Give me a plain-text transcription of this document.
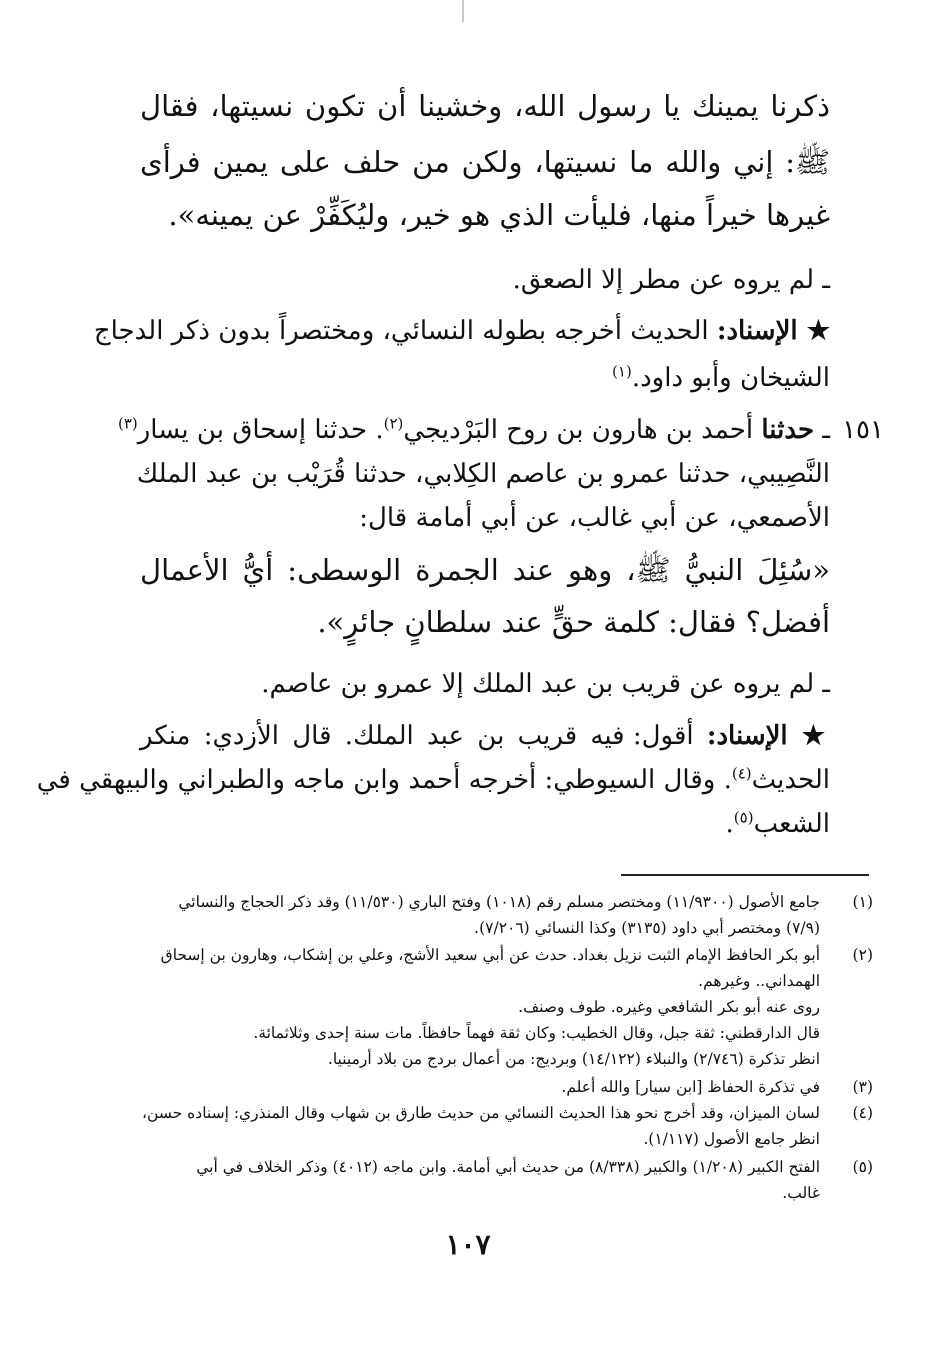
ذكرنا يمينك يا رسول الله، وخشينا أن تكون نسيتها، فقال
ﷺ: إني والله ما نسيتها، ولكن من حلف على يمين فرأى
غيرها خيراً منها، فليأت الذي هو خير، وليُكَفِّرْ عن يمينه».
ـ لم يروه عن مطر إلا الصعق.
★ الإسناد: الحديث أخرجه بطوله النسائي، ومختصراً بدون ذكر الدجاج
الشيخان وأبو داود.$^{(١)}$
١٥١
ـ حدثنا أحمد بن هارون بن روح البَرْديجي$^{(٢)}$. حدثنا إسحاق بن يسار$^{(٣)}$
النَّصِيبي، حدثنا عمرو بن عاصم الكِلابي، حدثنا قُرَيْب بن عبد الملك
الأصمعي، عن أبي غالب، عن أبي أمامة قال:
«سُئِلَ النبيُّ ﷺ، وهو عند الجمرة الوسطى: أيُّ الأعمال
أفضل؟ فقال: كلمة حقٍّ عند سلطانٍ جائرٍ».
ـ لم يروه عن قريب بن عبد الملك إلا عمرو بن عاصم.
★ الإسناد: أقول: فيه قريب بن عبد الملك. قال الأزدي: منكر
الحديث$^{(٤)}$. وقال السيوطي: أخرجه أحمد وابن ماجه والطبراني والبيهقي في
الشعب$^{(٥)}$.
(١)
جامع الأصول (١١/٩٣٠٠) ومختصر مسلم رقم (١٠١٨) وفتح الباري (١١/٥٣٠) وقد ذكر الحجاج والنسائي
(٧/٩) ومختصر أبي داود (٣١٣٥) وكذا النسائي (٧/٢٠٦).
(٢)
أبو بكر الحافظ الإمام الثبت نزيل بغداد. حدث عن أبي سعيد الأشج، وعلي بن إشكاب، وهارون بن إسحاق
الهمداني.. وغيرهم.
روى عنه أبو بكر الشافعي وغيره. طوف وصنف.
قال الدارقطني: ثقة جبل، وقال الخطيب: وكان ثقة فهماً حافظاً. مات سنة إحدى وثلاثمائة.
انظر تذكرة (٢/٧٤٦) والنبلاء (١٤/١٢٢) وبرديج: من أعمال بردج من بلاد أرمينيا.
(٣)
في تذكرة الحفاظ [ابن سيار] والله أعلم.
(٤)
لسان الميزان، وقد أخرج نحو هذا الحديث النسائي من حديث طارق بن شهاب وقال المنذري: إسناده حسن،
انظر جامع الأصول (١/١١٧).
(٥)
الفتح الكبير (١/٢٠٨) والكبير (٨/٣٣٨) من حديث أبي أمامة. وابن ماجه (٤٠١٢) وذكر الخلاف في أبي
غالب.
١٠٧
